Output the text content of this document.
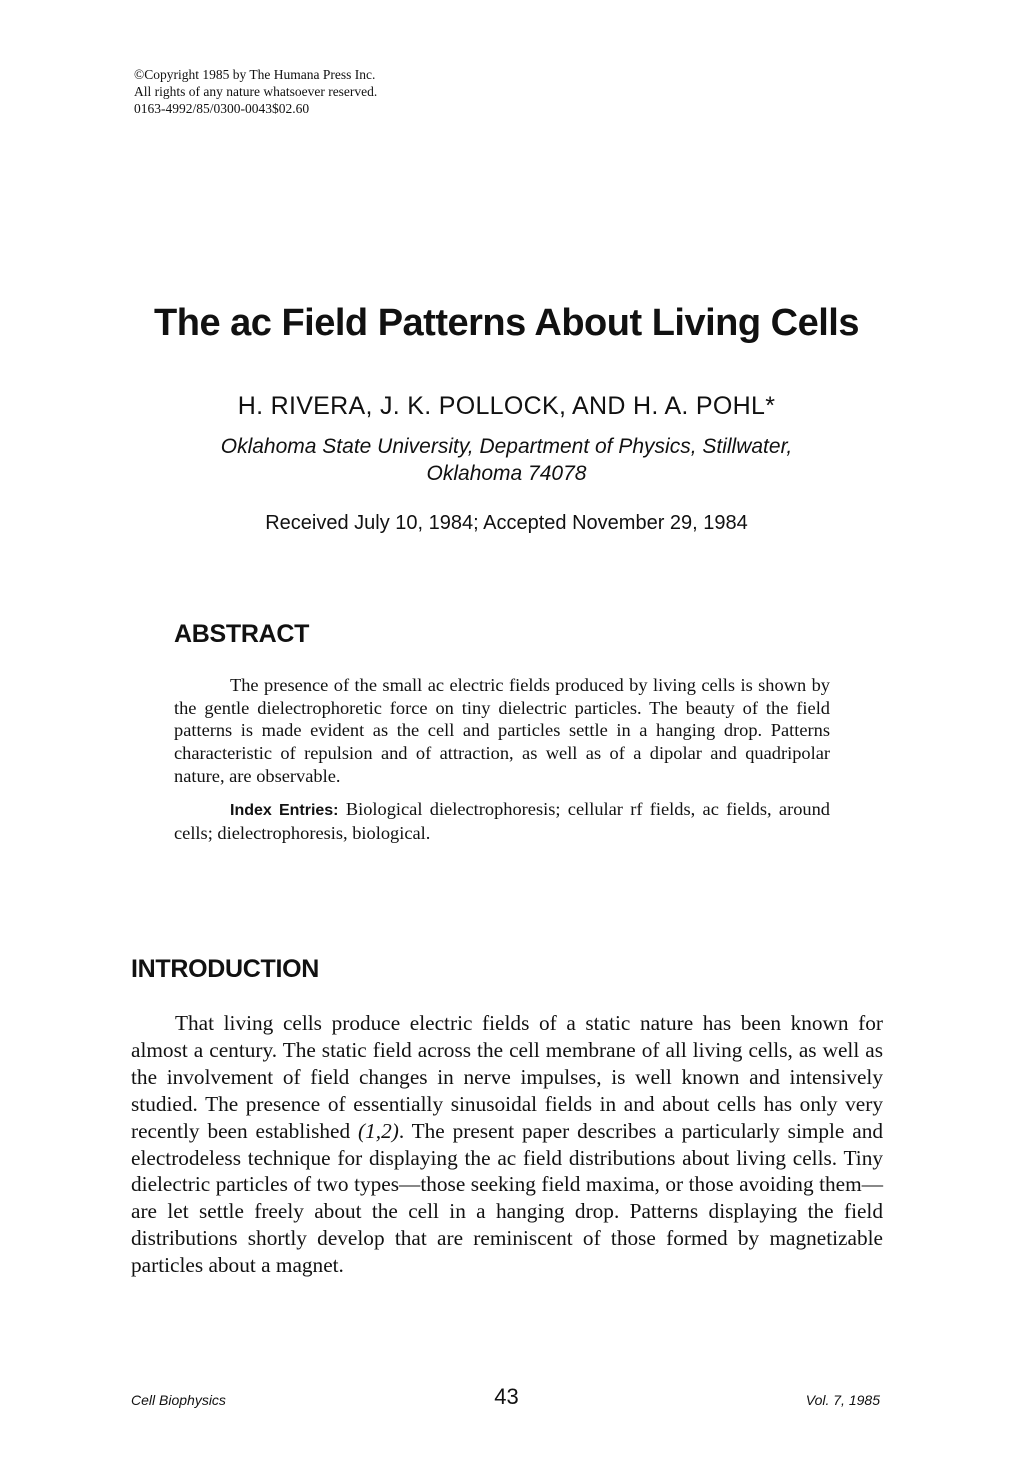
©Copyright 1985 by The Humana Press Inc.
All rights of any nature whatsoever reserved.
0163-4992/85/0300-0043$02.60
The ac Field Patterns About Living Cells
H. RIVERA, J. K. POLLOCK, AND H. A. POHL*
Oklahoma State University, Department of Physics, Stillwater,
Oklahoma 74078
Received July 10, 1984; Accepted November 29, 1984
ABSTRACT

The presence of the small ac electric fields produced by living cells is shown by the gentle dielectrophoretic force on tiny dielectric particles. The beauty of the field patterns is made evident as the cell and particles settle in a hanging drop. Patterns characteristic of repulsion and of attraction, as well as of a dipolar and quadripolar nature, are observable.

Index Entries: Biological dielectrophoresis; cellular rf fields, ac fields, around cells; dielectrophoresis, biological.

INTRODUCTION

That living cells produce electric fields of a static nature has been known for almost a century. The static field across the cell membrane of all living cells, as well as the involvement of field changes in nerve impulses, is well known and intensively studied. The presence of essentially sinusoidal fields in and about cells has only very recently been established (1,2). The present paper describes a particularly simple and electrodeless technique for displaying the ac field distributions about living cells. Tiny dielectric particles of two types—those seeking field maxima, or those avoiding them—are let settle freely about the cell in a hanging drop. Patterns displaying the field distributions shortly develop that are reminiscent of those formed by magnetizable particles about a magnet.

Cell Biophysics	43	Vol. 7, 1985
